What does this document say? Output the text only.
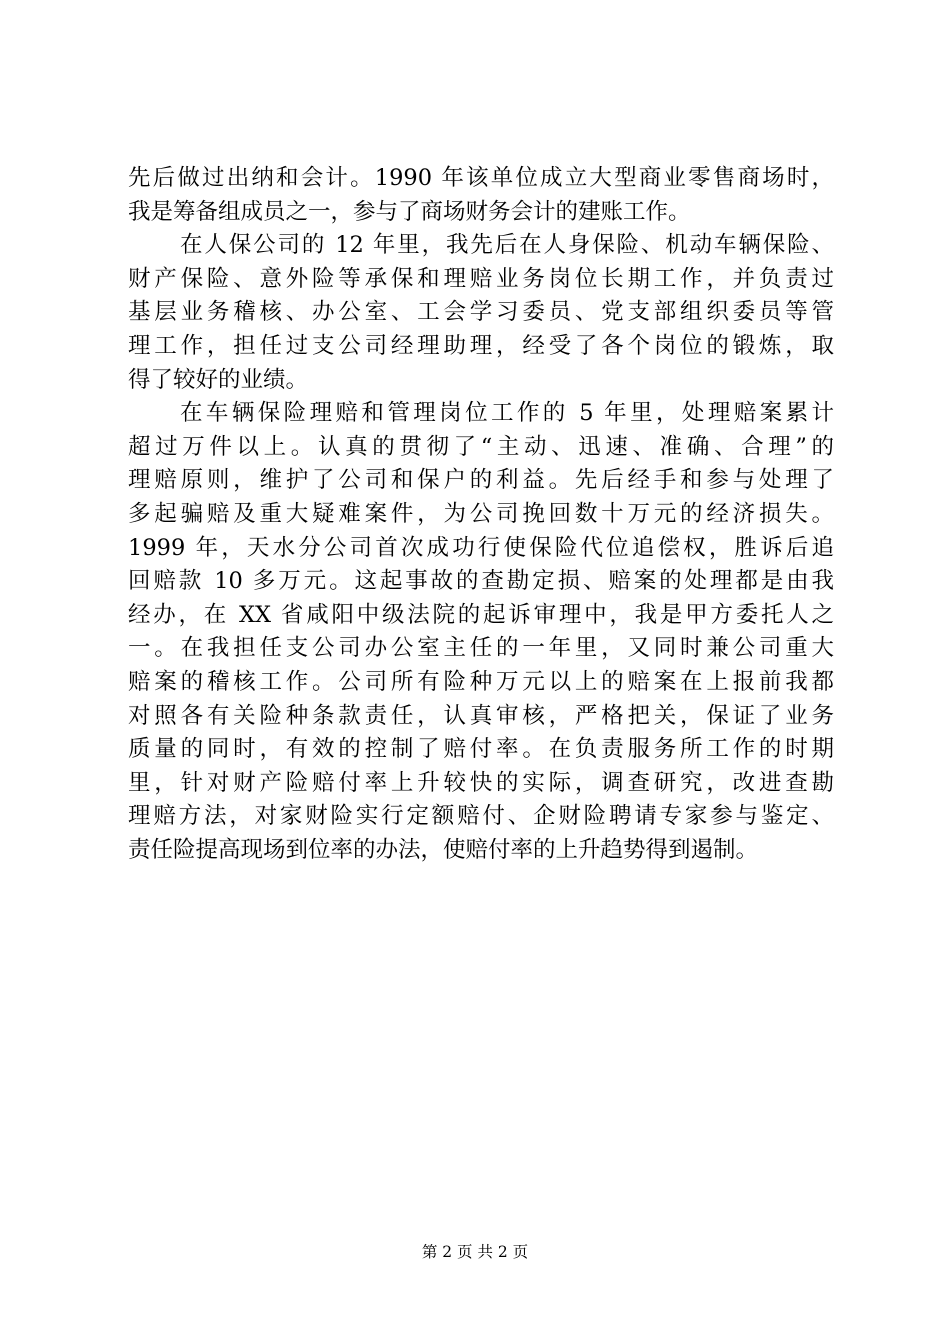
先后做过出纳和会计。1990 年该单位成立大型商业零售商场时，
我是筹备组成员之一，参与了商场财务会计的建账工作。
在人保公司的 12 年里，我先后在人身保险、机动车辆保险、
财产保险、意外险等承保和理赔业务岗位长期工作，并负责过
基层业务稽核、办公室、工会学习委员、党支部组织委员等管
理工作，担任过支公司经理助理，经受了各个岗位的锻炼，取
得了较好的业绩。
在车辆保险理赔和管理岗位工作的 5 年里，处理赔案累计
超过万件以上。认真的贯彻了“主动、迅速、准确、合理”的
理赔原则，维护了公司和保户的利益。先后经手和参与处理了
多起骗赔及重大疑难案件，为公司挽回数十万元的经济损失。
1999 年，天水分公司首次成功行使保险代位追偿权，胜诉后追
回赔款 10 多万元。这起事故的查勘定损、赔案的处理都是由我
经办，在 XX 省咸阳中级法院的起诉审理中，我是甲方委托人之
一。在我担任支公司办公室主任的一年里，又同时兼公司重大
赔案的稽核工作。公司所有险种万元以上的赔案在上报前我都
对照各有关险种条款责任，认真审核，严格把关，保证了业务
质量的同时，有效的控制了赔付率。在负责服务所工作的时期
里，针对财产险赔付率上升较快的实际，调查研究，改进查勘
理赔方法，对家财险实行定额赔付、企财险聘请专家参与鉴定、
责任险提高现场到位率的办法，使赔付率的上升趋势得到遏制。
第 2 页 共 2 页
